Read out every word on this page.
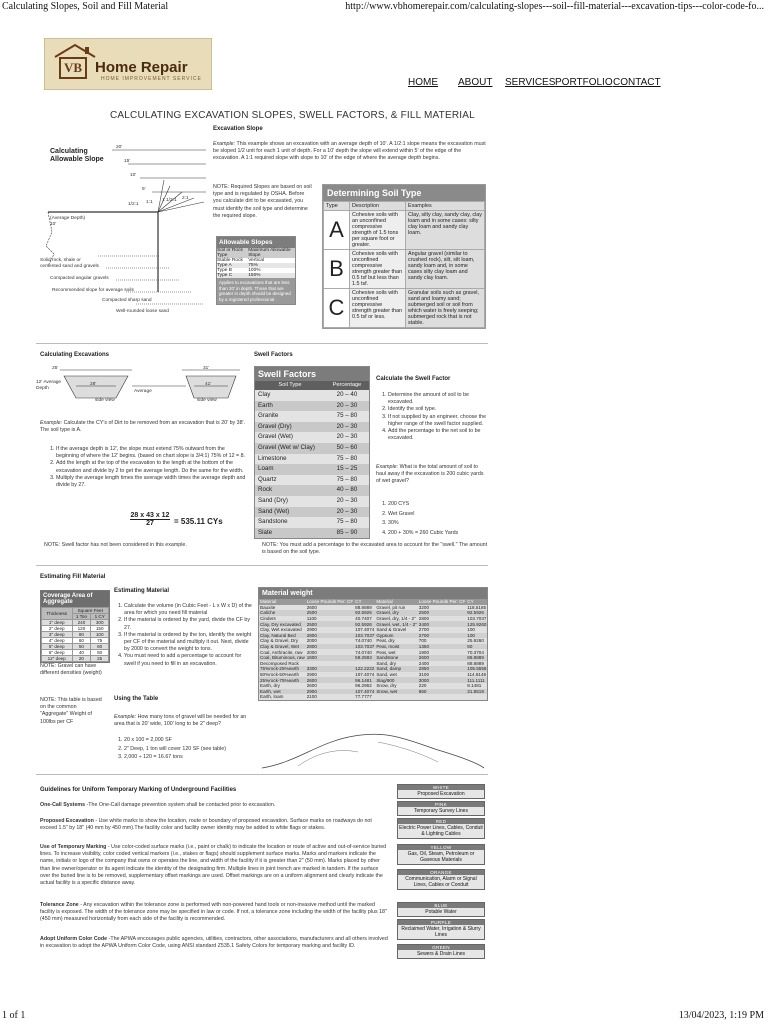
Calculating Slopes, Soil and Fill Material	http://www.vbhomerepair.com/calculating-slopes---soil--fill-material---excavation-tips---color-code-fo...
VB Home Repair
HOME IMPROVEMENT SERVICE	HOME ABOUT SERVICES PORTFOLIO CONTACT
CALCULATING EXCAVATION SLOPES, SWELL FACTORS, & FILL MATERIAL
Calculating Allowable Slope
20'
15'
10'
5'
1/2:1 1:1 1 1/2:1 2:1
(Average Depth) 10'
Solid rock, shale or cemented sand and gravels
Compacted angular gravels
Recommended slope for average soils
Compacted sharp sand
Well-rounded loose sand
Excavation Slope
Example: This example shows an excavation with an average depth of 10'. A 1/2:1 slope means the excavation must be sloped 1/2 unit for each 1 unit of depth. For a 10' depth the slope will extend within 5' of the edge of the excavation. A 1:1 required slope with slope to 10' of the edge of where the average depth begins.
NOTE: Required Slopes are based on soil type and is regulated by OSHA. Before you calculate dirt to be excavated, you must identify the soil type and determine the required slope.
Allowable Slopes
Soil or Rock Type	Maximum Allowable Slope
Stable Rock	Vertical
Type A	75%
Type B	100%
Type C	150%
Applies to excavations that are less than 20' in depth. Those that are greater in depth should be designed by a registered professional.
Determining Soil Type
Type	Description	Examples
A	Cohesive soils with an unconfined compressive strength of 1.5 tons per square foot or greater.	Clay, silty clay, sandy clay, clay loam and in some cases: silty clay loam and sandy clay loam.
B	Cohesive soils with unconfined compressive strength greater than 0.5 tsf but less than 1.5 tsf.	Angular gravel (similar to crushed rock), silt, silt loam, sandy loam and, in some cases silty clay loam and sandy clay loam.
C	Cohesive soils with unconfined compressive strength greater than 0.5 tsf or less.	Granular soils such as gravel, sand and loamy sand; submerged soil or soil from which water is freely seeping; submerged rock that is not stable.
Calculating Excavations
25'	31'
28'	41'
12' Average Depth
Average
side view	side view
Example: Calculate the CY's of Dirt to be removed from an excavation that is 20' by 38'. The soil type is A.
1. If the average depth is 12', the slope must extend 75% outward from the beginning of where the 12' begins. (based on chart slope is 3/4:1) 75% of 12 = 8.
2. Add the length at the top of the excavation to the length at the bottom of the excavation and divide by 2 to get the average length. Do the same for the width.
3. Multiply the average length times the average width times the average depth and divide by 27.
28 x 43 x 12
27	= 535.11 CYs
NOTE: Swell factor has not been considered in this example.
Swell Factors
Swell Factors
Soil Type	Percentage
Clay	20 – 40
Earth	20 – 30
Granite	75 – 80
Gravel (Dry)	20 – 30
Gravel (Wet)	20 – 30
Gravel (Wet w/ Clay)	50 – 60
Limestone	75 – 80
Loam	15 – 25
Quartz	75 – 80
Rock	40 – 80
Sand (Dry)	20 – 30
Sand (Wet)	20 – 30
Sandstone	75 – 80
Slate	85 – 90
Calculate the Swell Factor
1. Determine the amount of soil to be excavated.
2. Identify the soil type.
3. If not supplied by an engineer, choose the higher range of the swell factor supplied.
4. Add the percentage to the net soil to be excavated.
Example: What is the total amount of soil to haul away if the excavation is 200 cubic yards of wet gravel?
1. 200 CYS
2. Wet Gravel
3. 30%
4. 200 + 30% = 260 Cubic Yards
NOTE: You must add a percentage to the excavated area to account for the "swell." The amount is based on the soil type.
Estimating Fill Material
Coverage Area of Aggregate
Thickness	Square Feet	
	1 Ton	1 CY
1" deep	240	300
2" deep	120	150
3" deep	80	100
4" deep	60	75
5" deep	50	60
6" deep	40	50
12" deep	20	25
NOTE: Gravel can have different densities (weight)
NOTE: This table is based on the common "Aggregate" Weight of 100lbs per CF
Estimating Material
1. Calculate the volume (in Cubic Feet - L x W x D) of the area for which you need fill material
2. If the material is ordered by the yard, divide the CF by 27.
3. If the material is ordered by the ton, identify the weight per CF of the material and multiply it out. Next, divide by 2000 to convert the weight to tons.
4. You must need to add a percentage to account for swell if you need to fill in an excavation.
Using the Table
Example: How many tons of gravel will be needed for an area that is 20' wide, 100' long to be 2" deep?
1. 20 x 100 = 2,000 SF
2. 2" Deep, 1 ton will cover 120 SF (see table)
3. 2,000 ÷ 120 = 16.67 tons
Material weight
Material	Loose Pounds Per: CF	CY	Material	Loose Pounds Per: CF	CY
Bauxite	2600	88.8889	Gravel, pit run	3200	118.5185
Caliche	2500	92.5926	Gravel, dry	2500	92.5926
Cinders	1100	40.7407	Gravel, dry, 1/4 - 2"	2800	103.7037
Clay, Dry excavated	2500	92.5926	Gravel, wet, 1/4 - 2"	3400	125.9260
Clay, Wet excavated	2900	107.4074	Sand & Gravel	2700	100
Clay, Natural Bed	2800	103.7037	Gypsum	2700	100
Clay & Gravel, Dry	2000	74.0740	Peat, dry	700	25.9260
Clay & Gravel, Wet	2800	103.7037	Peat, moist	1350	50
Coal, Anthracite, raw	2000	74.0740	Peat, wet	1900	70.3704
Coal, Bituminous, raw	1600	59.2593	Sandstone	2600	88.8889
Decomposed Rock			Sand, dry	2400	88.8889
75%rock-25%earth	3300	122.2222	Sand, damp	2850	105.5556
50%rock-50%earth	2900	107.4074	Sand, wet	3100	114.8148
25%rock-75%earth	2600	96.1481	Slag/900	3000	111.1111
Earth, dry	2600	96.2962	Snow, dry	220	8.1481
Earth, wet	2900	107.4074	Snow, wet	860	31.8519
Earth, loam	2100	77.7777			
Guidelines for Uniform Temporary Marking of Underground Facilities
One-Call Systems -The One-Call damage prevention system shall be contacted prior to excavation.
Proposed Excavation - Use white marks to show the location, route or boundary of proposed excavation. Surface marks on roadways do not exceed 1.5" by 18" (40 mm by 450 mm).The facility color and facility owner identity may be added to white flags or stakes.
Use of Temporary Marking - Use color-coded surface marks (i.e., paint or chalk) to indicate the location or route of active and out-of-service buried lines. To increase visibility, color coded vertical markers (i.e., stakes or flags) should supplement surface marks. Marks and markers indicate the name, initials or logo of the company that owns or operates the line, and width of the facility if it is greater than 2" (50 mm). Marks placed by other than line owner/operator or its agent indicate the identity of the designating firm. Multiple lines in joint trench are marked in tandem. If the surface over the buried line is to be removed, supplementary offset markings are used. Offset markings are on a uniform alignment and clearly indicate the actual facility is a specific distance away.
Tolerance Zone - Any excavation within the tolerance zone is performed with non-powered hand tools or non-invasive method until the marked facility is exposed. The width of the tolerance zone may be specified in law or code. If not, a tolerance zone including the width of the facility plus 18" (450 mm) measured horizontally from each side of the facility is recommended.
Adopt Uniform Color Code -The APWA encourages public agencies, utilities, contractors, other associations, manufacturers and all others involved in excavation to adopt the APWA Uniform Color Code, using ANSI standard Z535.1 Safety Colors for temporary marking and facility ID.
WHITE
Proposed Excavation
PINK
Temporary Survey Lines
RED
Electric Power Lines, Cables, Conduit & Lighting Cables
YELLOW
Gas, Oil, Steam, Petroleum or Gaseous Materials
ORANGE
Communication, Alarm or Signal Lines, Cables or Conduit
BLUE
Potable Water
PURPLE
Reclaimed Water, Irrigation & Slurry Lines
GREEN
Sewers & Drain Lines
1 of 1	13/04/2023, 1:19 PM
